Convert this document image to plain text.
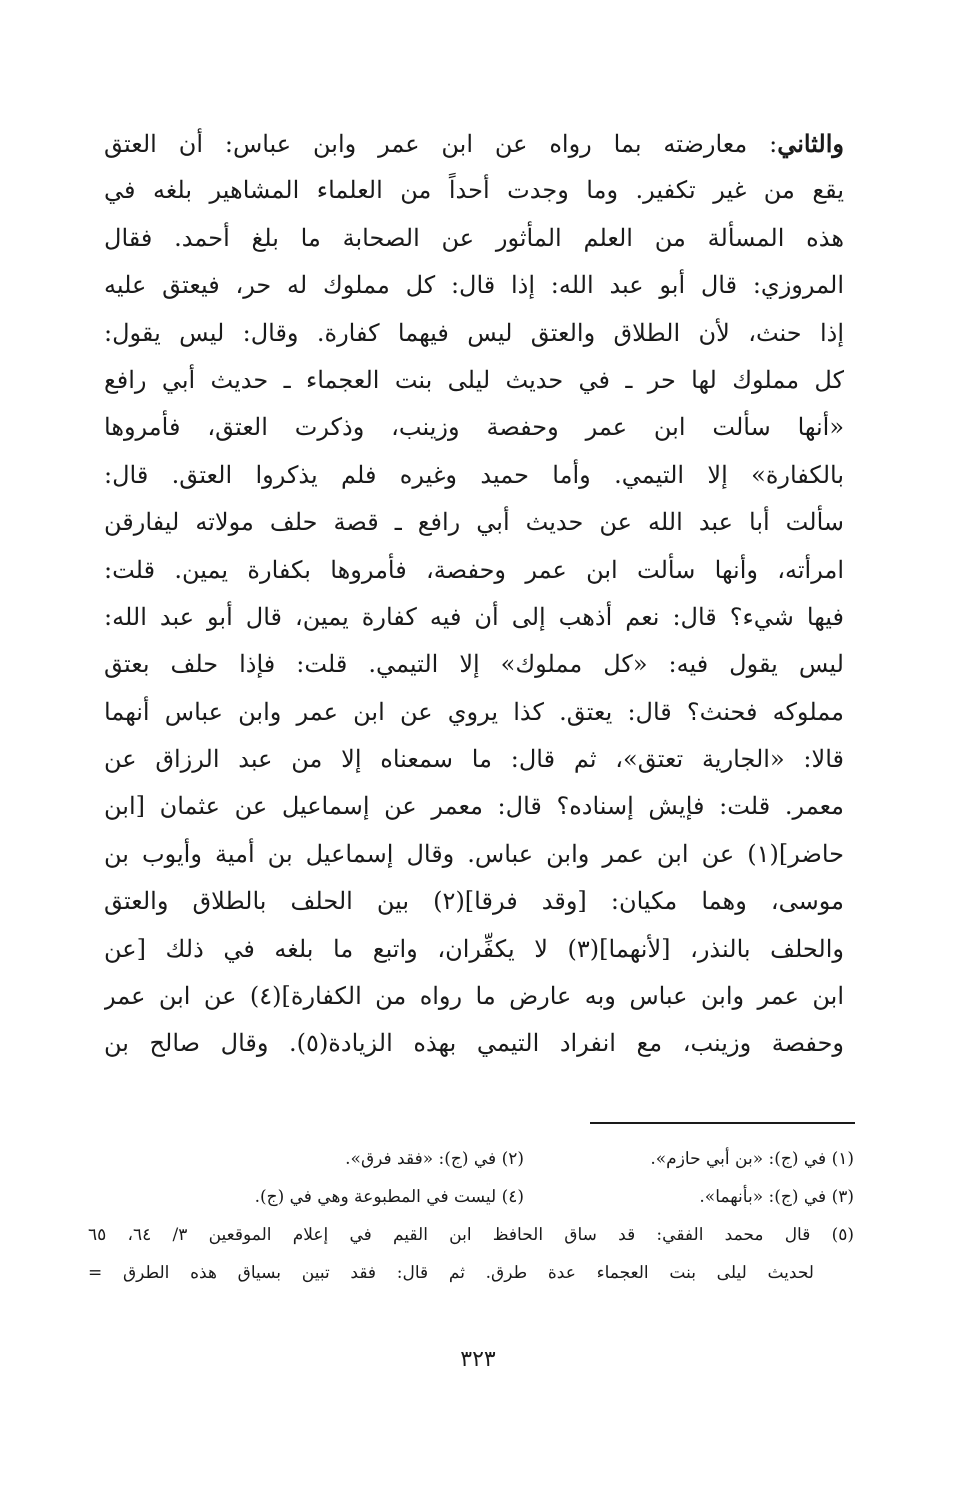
والثاني: معارضته بما رواه عن ابن عمر وابن عباس: أن العتق
يقع من غير تكفير. وما وجدت أحداً من العلماء المشاهير بلغه في
هذه المسألة من العلم المأثور عن الصحابة ما بلغ أحمد. فقال
المروزي: قال أبو عبد الله: إذا قال: كل مملوك له حر، فيعتق عليه
إذا حنث، لأن الطلاق والعتق ليس فيهما كفارة. وقال: ليس يقول:
كل مملوك لها حر ـ في حديث ليلى بنت العجماء ـ حديث أبي رافع
«أنها سألت ابن عمر وحفصة وزينب، وذكرت العتق، فأمروها
بالكفارة» إلا التيمي. وأما حميد وغيره فلم يذكروا العتق. قال:
سألت أبا عبد الله عن حديث أبي رافع ـ قصة حلف مولاته ليفارقن
امرأته، وأنها سألت ابن عمر وحفصة، فأمروها بكفارة يمين. قلت:
فيها شيء؟ قال: نعم أذهب إلى أن فيه كفارة يمين، قال أبو عبد الله:
ليس يقول فيه: «كل مملوك» إلا التيمي. قلت: فإذا حلف بعتق
مملوكه فحنث؟ قال: يعتق. كذا يروي عن ابن عمر وابن عباس أنهما
قالا: «الجارية تعتق»، ثم قال: ما سمعناه إلا من عبد الرزاق عن
معمر. قلت: فإيش إسناده؟ قال: معمر عن إسماعيل عن عثمان [ابن
حاضر](١) عن ابن عمر وابن عباس. وقال إسماعيل بن أمية وأيوب بن
موسى، وهما مكيان: [وقد فرقا](٢) بين الحلف بالطلاق والعتق
والحلف بالنذر، [لأنهما](٣) لا يكفِّران، واتبع ما بلغه في ذلك [عن
ابن عمر وابن عباس وبه عارض ما رواه من الكفارة](٤) عن ابن عمر
وحفصة وزينب، مع انفراد التيمي بهذه الزيادة(٥). وقال صالح بن
(١) في (ج): «بن أبي حازم».
(٢) في (ج): «فقد فرق».
(٣) في (ج): «بأنهما».
(٤) ليست في المطبوعة وهي في (ج).
(٥) قال محمد الفقي: قد ساق الحافظ ابن القيم في إعلام الموقعين ٣/ ٦٤، ٦٥
لحديث ليلى بنت العجماء عدة طرق. ثم قال: فقد تبين بسياق هذه الطرق =
٣٢٣
